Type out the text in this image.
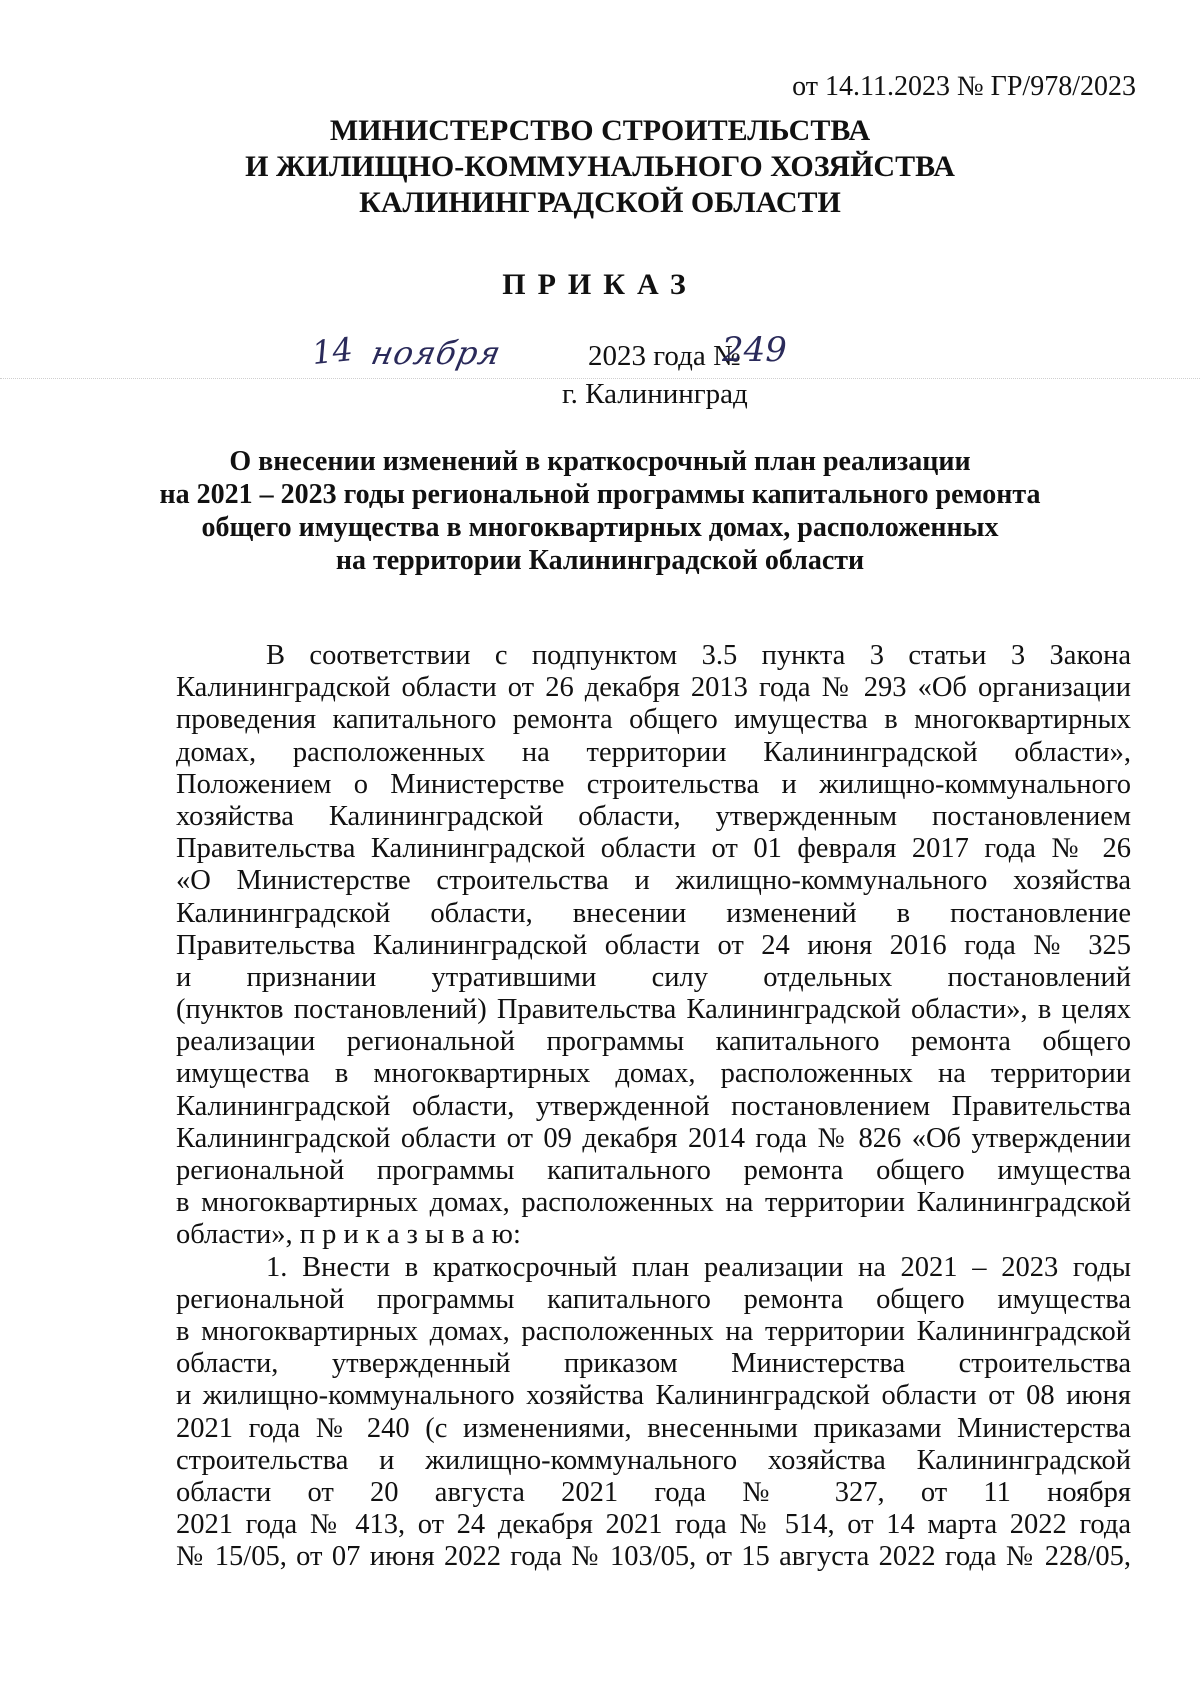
от 14.11.2023 № ГР/978/2023
МИНИСТЕРСТВО СТРОИТЕЛЬСТВА
И ЖИЛИЩНО-КОММУНАЛЬНОГО ХОЗЯЙСТВА
КАЛИНИНГРАДСКОЙ ОБЛАСТИ
ПРИКАЗ
14 ноября	2023 года №
249
г. Калининград
О внесении изменений в краткосрочный план реализации
на 2021 – 2023 годы региональной программы капитального ремонта
общего имущества в многоквартирных домах, расположенных
на территории Калининградской области
В соответствии с подпунктом 3.5 пункта 3 статьи 3 Закона
Калининградской области от 26 декабря 2013 года № 293 «Об организации
проведения капитального ремонта общего имущества в многоквартирных
домах, расположенных на территории Калининградской области»,
Положением о Министерстве строительства и жилищно-коммунального
хозяйства Калининградской области, утвержденным постановлением
Правительства Калининградской области от 01 февраля 2017 года № 26
«О Министерстве строительства и жилищно-коммунального хозяйства
Калининградской области, внесении изменений в постановление
Правительства Калининградской области от 24 июня 2016 года № 325
и признании утратившими силу отдельных постановлений
(пунктов постановлений) Правительства Калининградской области», в целях
реализации региональной программы капитального ремонта общего
имущества в многоквартирных домах, расположенных на территории
Калининградской области, утвержденной постановлением Правительства
Калининградской области от 09 декабря 2014 года № 826 «Об утверждении
региональной программы капитального ремонта общего имущества
в многоквартирных домах, расположенных на территории Калининградской
области», п р и к а з ы в а ю:
1. Внести в краткосрочный план реализации на 2021 – 2023 годы
региональной программы капитального ремонта общего имущества
в многоквартирных домах, расположенных на территории Калининградской
области, утвержденный приказом Министерства строительства
и жилищно-коммунального хозяйства Калининградской области от 08 июня
2021 года № 240 (с изменениями, внесенными приказами Министерства
строительства и жилищно-коммунального хозяйства Калининградской
области от 20 августа 2021 года № 327, от 11 ноября
2021 года № 413, от 24 декабря 2021 года № 514, от 14 марта 2022 года
№ 15/05, от 07 июня 2022 года № 103/05, от 15 августа 2022 года № 228/05,
